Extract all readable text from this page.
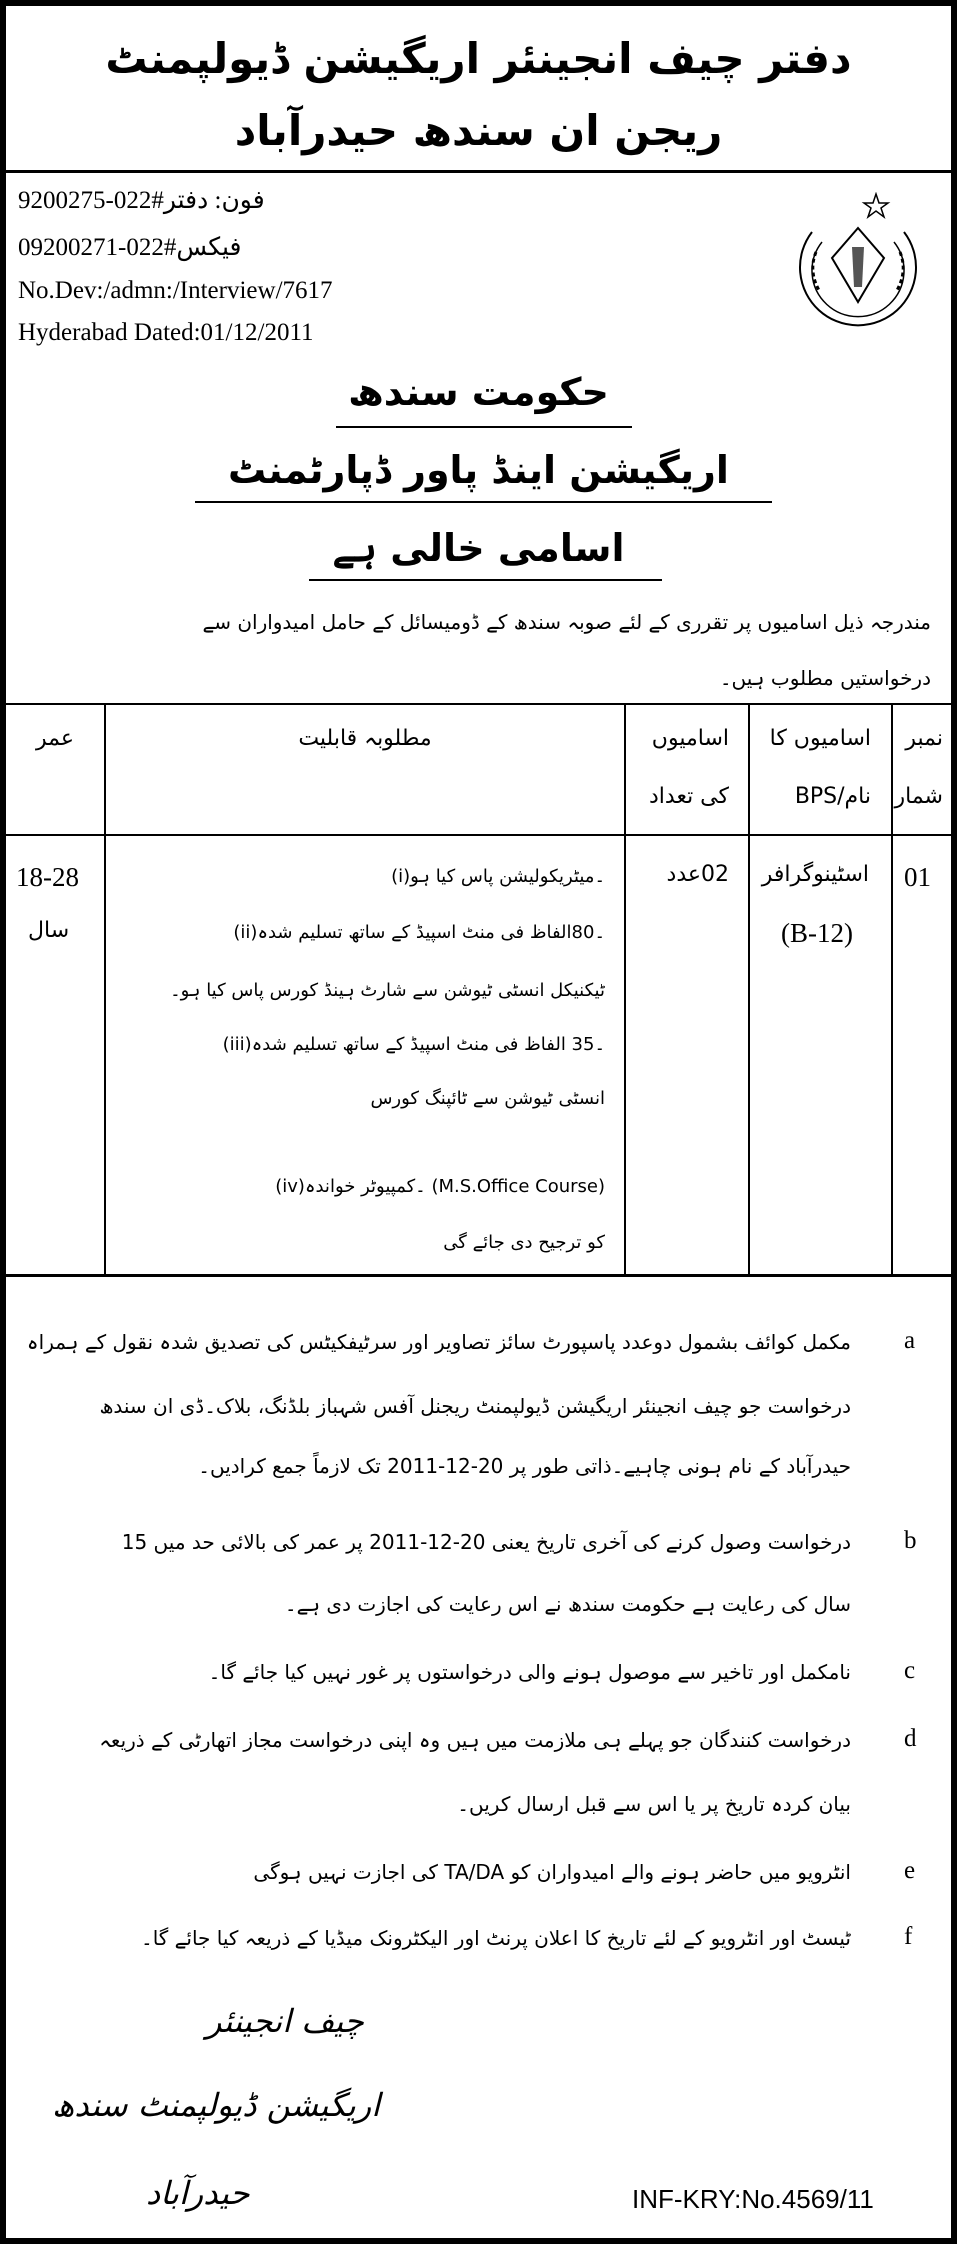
دفتر چیف انجینئر اریگیشن ڈیولپمنٹ
ریجن ان سندھ حیدرآباد
فون: دفتر#022-9200275
فیکس#022-09200271
No.Dev:/admn:/Interview/7617
Hyderabad Dated:01/12/2011
حکومت سندھ
اریگیشن اینڈ پاور ڈپارٹمنٹ
اسامی خالی ہے
مندرجہ ذیل اسامیوں پر تقرری کے لئے صوبہ سندھ کے ڈومیسائل کے حامل امیدواران سے
درخواستیں مطلوب ہیں۔
نمبر
شمار
اسامیوں کا
نام/BPS
اسامیوں
کی تعداد
مطلوبہ قابلیت
عمر
01
اسٹینوگرافر
(B-12)
02عدد
18-28
سال
(i)۔میٹریکولیشن پاس کیا ہو
(ii)۔80الفاظ فی منٹ اسپیڈ کے ساتھ تسلیم شدہ
ٹیکنیکل انسٹی ٹیوشن سے شارٹ ہینڈ کورس پاس کیا ہو۔
(iii)۔35 الفاظ فی منٹ اسپیڈ کے ساتھ تسلیم شدہ
انسٹی ٹیوشن سے ٹائپنگ کورس
(iv)۔کمپیوٹر خواندہ (M.S.Office Course)
کو ترجیح دی جائے گی
a
مکمل کوائف بشمول دوعدد پاسپورٹ سائز تصاویر اور سرٹیفکیٹس کی تصدیق شدہ نقول کے ہمراہ
درخواست جو چیف انجینئر اریگیشن ڈیولپمنٹ ریجنل آفس شہباز بلڈنگ، بلاک۔ڈی ان سندھ
حیدرآباد کے نام ہونی چاہیے۔ذاتی طور پر 20-12-2011 تک لازماً جمع کرادیں۔
b
درخواست وصول کرنے کی آخری تاریخ یعنی 20-12-2011 پر عمر کی بالائی حد میں 15
سال کی رعایت ہے حکومت سندھ نے اس رعایت کی اجازت دی ہے۔
c
نامکمل اور تاخیر سے موصول ہونے والی درخواستوں پر غور نہیں کیا جائے گا۔
d
درخواست کنندگان جو پہلے ہی ملازمت میں ہیں وہ اپنی درخواست مجاز اتھارٹی کے ذریعہ
بیان کردہ تاریخ پر یا اس سے قبل ارسال کریں۔
e
انٹرویو میں حاضر ہونے والے امیدواران کو TA/DA کی اجازت نہیں ہوگی
f
ٹیسٹ اور انٹرویو کے لئے تاریخ کا اعلان پرنٹ اور الیکٹرونک میڈیا کے ذریعہ کیا جائے گا۔
چیف انجینئر
اریگیشن ڈیولپمنٹ سندھ
حیدرآباد	INF-KRY:No.4569/11
